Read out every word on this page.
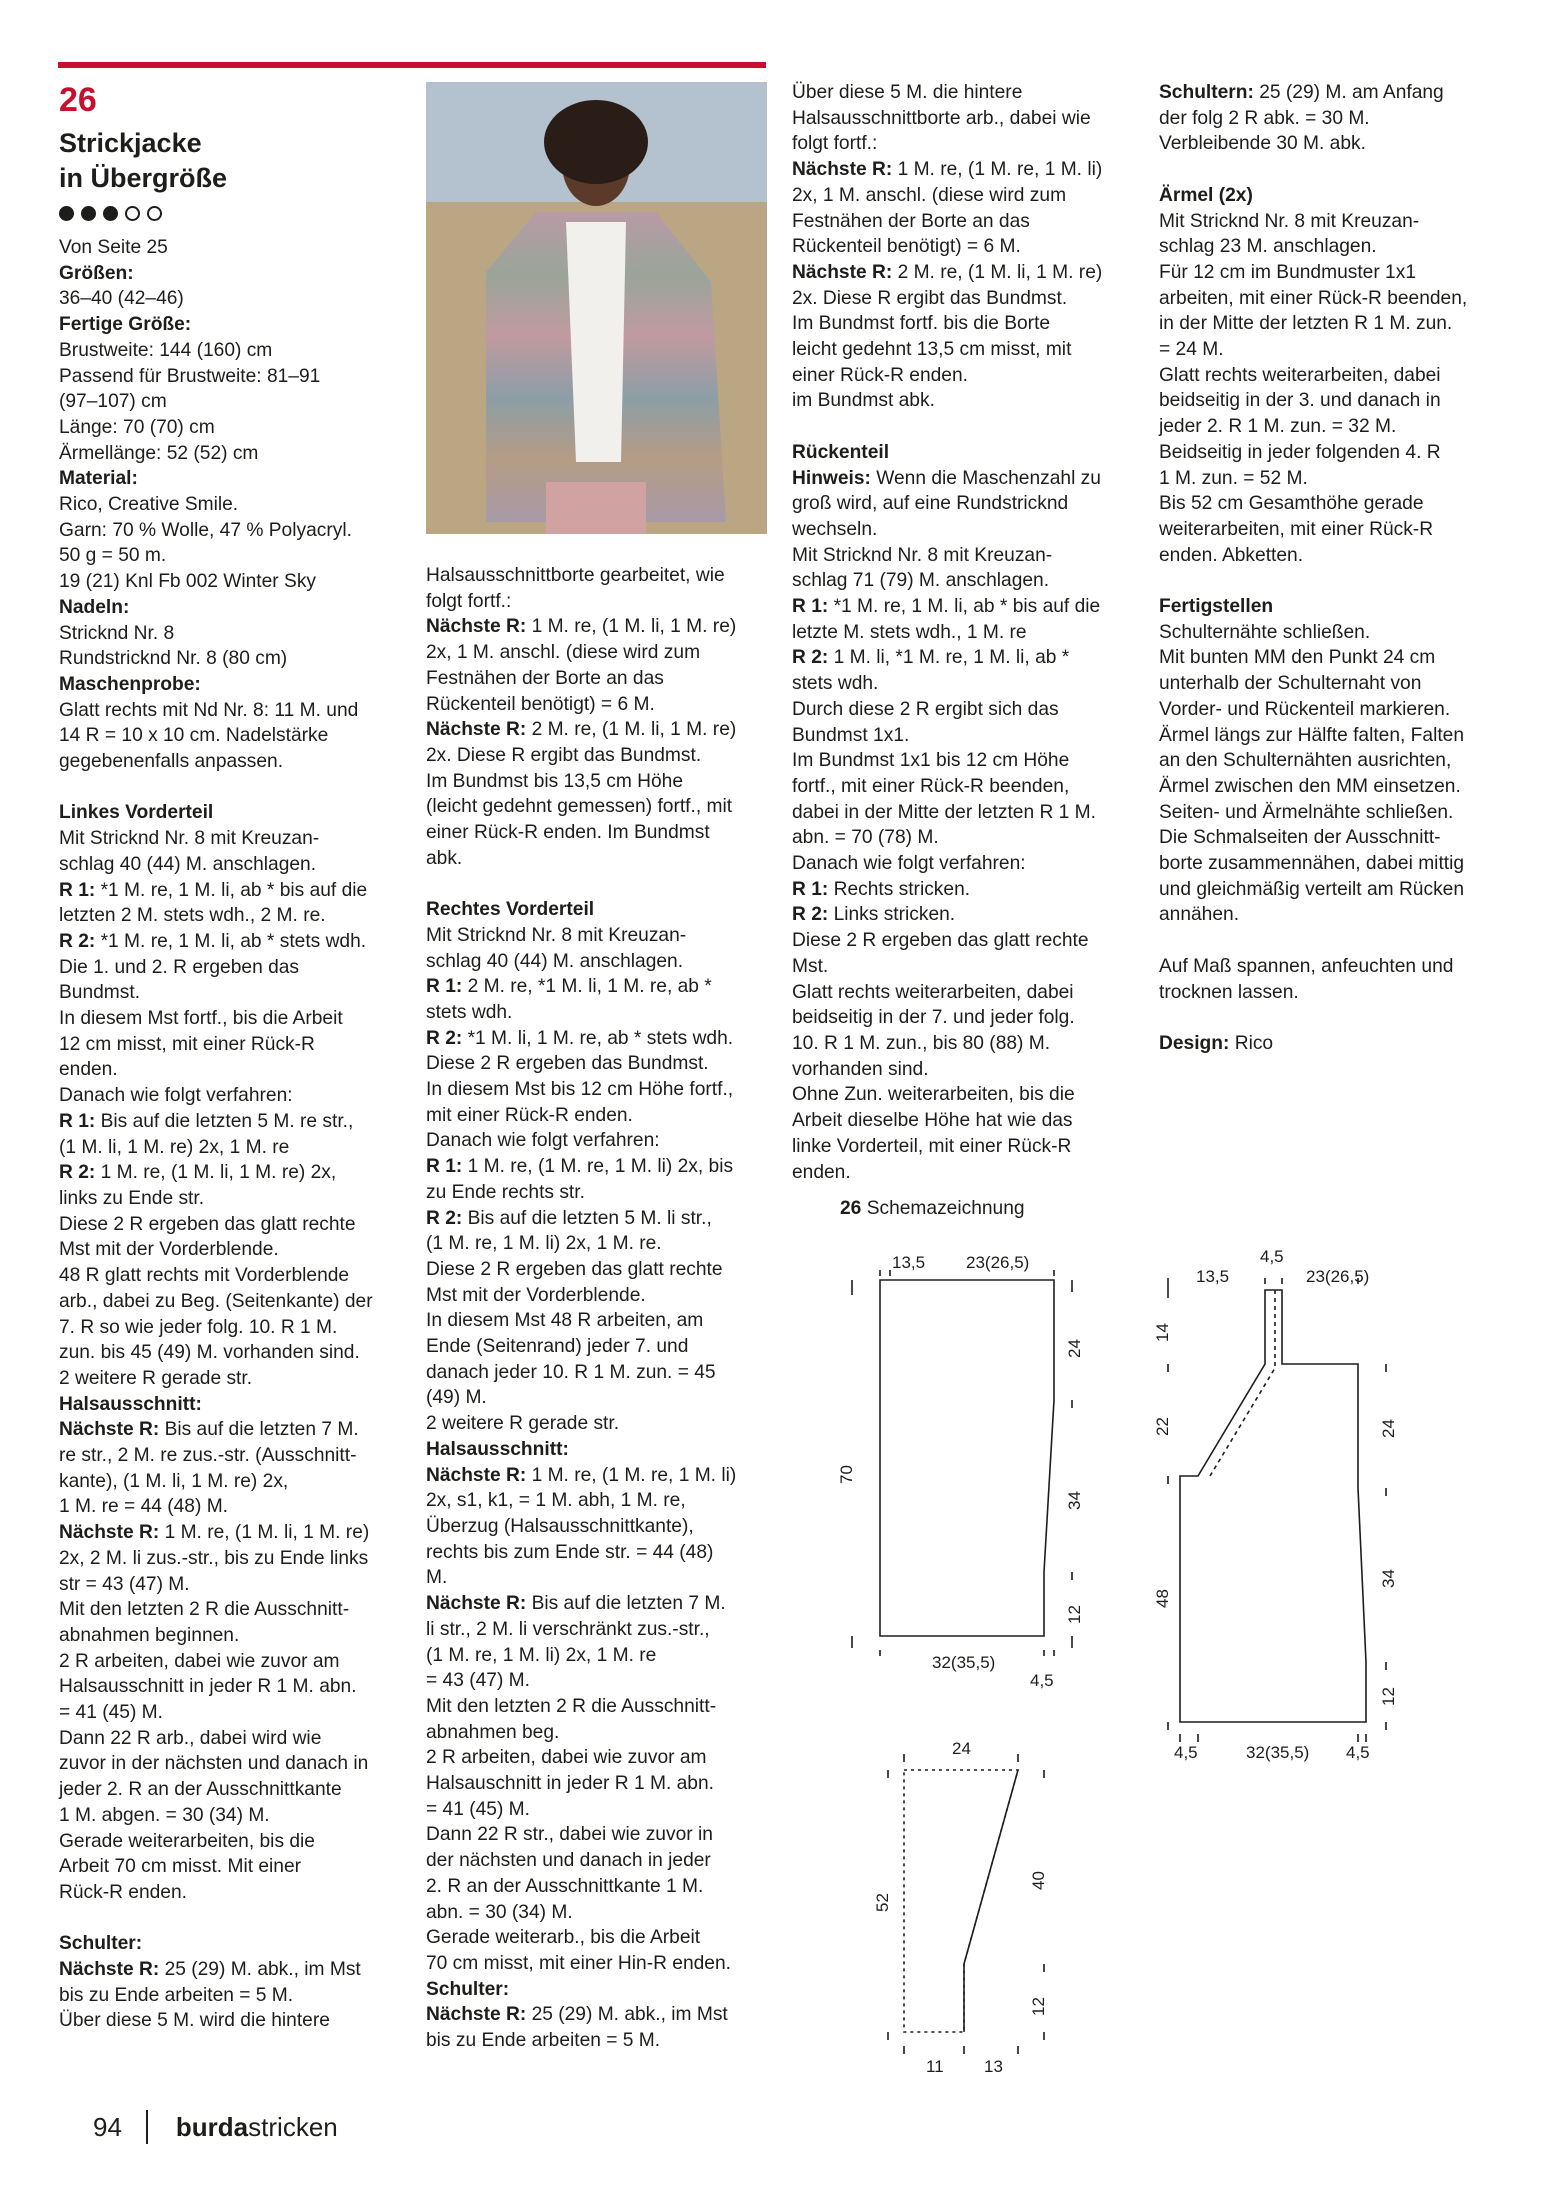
26
Strickjacke
in Übergröße

Von Seite 25

Größen:

36–40 (42–46)

Fertige Größe:

Brustweite: 144 (160) cm

Passend für Brustweite: 81–91

(97–107) cm

Länge: 70 (70) cm

Ärmellänge: 52 (52) cm

Material:

Rico, Creative Smile.

Garn: 70 % Wolle, 47 % Polyacryl.

50 g = 50 m.

19 (21) Knl Fb 002 Winter Sky

Nadeln:

Stricknd Nr. 8

Rundstricknd Nr. 8 (80 cm)

Maschenprobe:

Glatt rechts mit Nd Nr. 8: 11 M. und

14 R = 10 x 10 cm. Nadelstärke

gegebenenfalls anpassen.

Linkes Vorderteil

Mit Strickn﻿d Nr. 8 mit Kreuzan-

schlag 40 (44) M. anschlagen.

R 1: *1 M. re, 1 M. li, ab * bis auf die

letzten 2 M. stets wdh., 2 M. re.

R 2: *1 M. re, 1 M. li, ab * stets wdh.

Die 1. und 2. R ergeben das

Bundmst.

In diesem Mst fortf., bis die Arbeit

12 cm misst, mit einer Rück-R

enden.

Danach wie folgt verfahren:

R 1: Bis auf die letzten 5 M. re str.,

(1 M. li, 1 M. re) 2x, 1 M. re

R 2: 1 M. re, (1 M. li, 1 M. re) 2x,

links zu Ende str.

Diese 2 R ergeben das glatt rechte

Mst mit der Vorderblende.

48 R glatt rechts mit Vorderblende

arb., dabei zu Beg. (Seitenkante) der

7. R so wie jeder folg. 10. R 1 M.

zun. bis 45 (49) M. vorhanden sind.

2 weitere R gerade str.

Halsausschnitt:

Nächste R: Bis auf die letzten 7 M.

re str., 2 M. re zus.-str. (Ausschnitt-

kante), (1 M. li, 1 M. re) 2x,

1 M. re = 44 (48) M.

Nächste R: 1 M. re, (1 M. li, 1 M. re)

2x, 2 M. li zus.-str., bis zu Ende links

str = 43 (47) M.

Mit den letzten 2 R die Ausschnitt-

abnahmen beginnen.

2 R arbeiten, dabei wie zuvor am

Halsausschnitt in jeder R 1 M. abn.

= 41 (45) M.

Dann 22 R arb., dabei wird wie

zuvor in der nächsten und danach in

jeder 2. R an der Ausschnittkante

1 M. abgen. = 30 (34) M.

Gerade weiterarbeiten, bis die

Arbeit 70 cm misst. Mit einer

Rück-R enden.

Schulter:

Nächste R: 25 (29) M. abk., im Mst

bis zu Ende arbeiten = 5 M.

Über diese 5 M. wird die hintere

Halsausschnittborte gearbeitet, wie

folgt fortf.:

Nächste R: 1 M. re, (1 M. li, 1 M. re)

2x, 1 M. anschl. (diese wird zum

Festnähen der Borte an das

Rückenteil benötigt) = 6 M.

Nächste R: 2 M. re, (1 M. li, 1 M. re)

2x. Diese R ergibt das Bundmst.

Im Bundmst bis 13,5 cm Höhe

(leicht gedehnt gemessen) fortf., mit

einer Rück-R enden. Im Bundmst

abk.

Rechtes Vorderteil

Mit Stricknd Nr. 8 mit Kreuzan-

schlag 40 (44) M. anschlagen.

R 1: 2 M. re, *1 M. li, 1 M. re, ab *

stets wdh.

R 2: *1 M. li, 1 M. re, ab * stets wdh.

Diese 2 R ergeben das Bundmst.

In diesem Mst bis 12 cm Höhe fortf.,

mit einer Rück-R enden.

Danach wie folgt verfahren:

R 1: 1 M. re, (1 M. re, 1 M. li) 2x, bis

zu Ende rechts str.

R 2: Bis auf die letzten 5 M. li str.,

(1 M. re, 1 M. li) 2x, 1 M. re.

Diese 2 R ergeben das glatt rechte

Mst mit der Vorderblende.

In diesem Mst 48 R arbeiten, am

Ende (Seitenrand) jeder 7. und

danach jeder 10. R 1 M. zun. = 45

(49) M.

2 weitere R gerade str.

Halsausschnitt:

Nächste R: 1 M. re, (1 M. re, 1 M. li)

2x, s1, k1, = 1 M. abh, 1 M. re,

Überzug (Halsausschnittkante),

rechts bis zum Ende str. = 44 (48)

M.

Nächste R: Bis auf die letzten 7 M.

li str., 2 M. li verschränkt zus.-str.,

(1 M. re, 1 M. li) 2x, 1 M. re

= 43 (47) M.

Mit den letzten 2 R die Ausschnitt-

abnahmen beg.

2 R arbeiten, dabei wie zuvor am

Halsauschnitt in jeder R 1 M. abn.

= 41 (45) M.

Dann 22 R str., dabei wie zuvor in

der nächsten und danach in jeder

2. R an der Ausschnittkante 1 M.

abn. = 30 (34) M.

Gerade weiterarb., bis die Arbeit

70 cm misst, mit einer Hin-R enden.

Schulter:

Nächste R: 25 (29) M. abk., im Mst

bis zu Ende arbeiten = 5 M.

Über diese 5 M. die hintere

Halsausschnittborte arb., dabei wie

folgt fortf.:

Nächste R: 1 M. re, (1 M. re, 1 M. li)

2x, 1 M. anschl. (diese wird zum

Festnähen der Borte an das

Rückenteil benötigt) = 6 M.

Nächste R: 2 M. re, (1 M. li, 1 M. re)

2x. Diese R ergibt das Bundmst.

Im Bundmst fortf. bis die Borte

leicht gedehnt 13,5 cm misst, mit

einer Rück-R enden.

im Bundmst abk.

Rückenteil

Hinweis: Wenn die Maschenzahl zu

groß wird, auf eine Rundstricknd

wechseln.

Mit Stricknd Nr. 8 mit Kreuzan-

schlag 71 (79) M. anschlagen.

R 1: *1 M. re, 1 M. li, ab * bis auf die

letzte M. stets wdh., 1 M. re

R 2: 1 M. li, *1 M. re, 1 M. li, ab *

stets wdh.

Durch diese 2 R ergibt sich das

Bundmst 1x1.

Im Bundmst 1x1 bis 12 cm Höhe

fortf., mit einer Rück-R beenden,

dabei in der Mitte der letzten R 1 M.

abn. = 70 (78) M.

Danach wie folgt verfahren:

R 1: Rechts stricken.

R 2: Links stricken.

Diese 2 R ergeben das glatt rechte

Mst.

Glatt rechts weiterarbeiten, dabei

beidseitig in der 7. und jeder folg.

10. R 1 M. zun., bis 80 (88) M.

vorhanden sind.

Ohne Zun. weiterarbeiten, bis die

Arbeit dieselbe Höhe hat wie das

linke Vorderteil, mit einer Rück-R

enden.

Schultern: 25 (29) M. am Anfang

der folg 2 R abk. = 30 M.

Verbleibende 30 M. abk.

Ärmel (2x)

Mit Stricknd Nr. 8 mit Kreuzan-

schlag 23 M. anschlagen.

Für 12 cm im Bundmuster 1x1

arbeiten, mit einer Rück-R beenden,

in der Mitte der letzten R 1 M. zun.

= 24 M.

Glatt rechts weiterarbeiten, dabei

beidseitig in der 3. und danach in

jeder 2. R 1 M. zun. = 32 M.

Beidseitig in jeder folgenden 4. R

1 M. zun. = 52 M.

Bis 52 cm Gesamthöhe gerade

weiterarbeiten, mit einer Rück-R

enden. Abketten.

Fertigstellen

Schulternähte schließen.

Mit bunten MM den Punkt 24 cm

unterhalb der Schulternaht von

Vorder- und Rückenteil markieren.

Ärmel längs zur Hälfte falten, Falten

an den Schulternähten ausrichten,

Ärmel zwischen den MM einsetzen.

Seiten- und Ärmelnähte schließen.

Die Schmalseiten der Ausschnitt-

borte zusammennähen, dabei mittig

und gleichmäßig verteilt am Rücken

annähen.

Auf Maß spannen, anfeuchten und

trocknen lassen.

Design: Rico

26 Schemazeichnung
13,5 23(26,5)
70
24
34
12
32(35,5)
4,5
4,5
13,5	23(26,5)
14
22
48
24
34
12
4,5	32(35,5) 4,5
24
52
40
12
11 13
94 burda stricken
